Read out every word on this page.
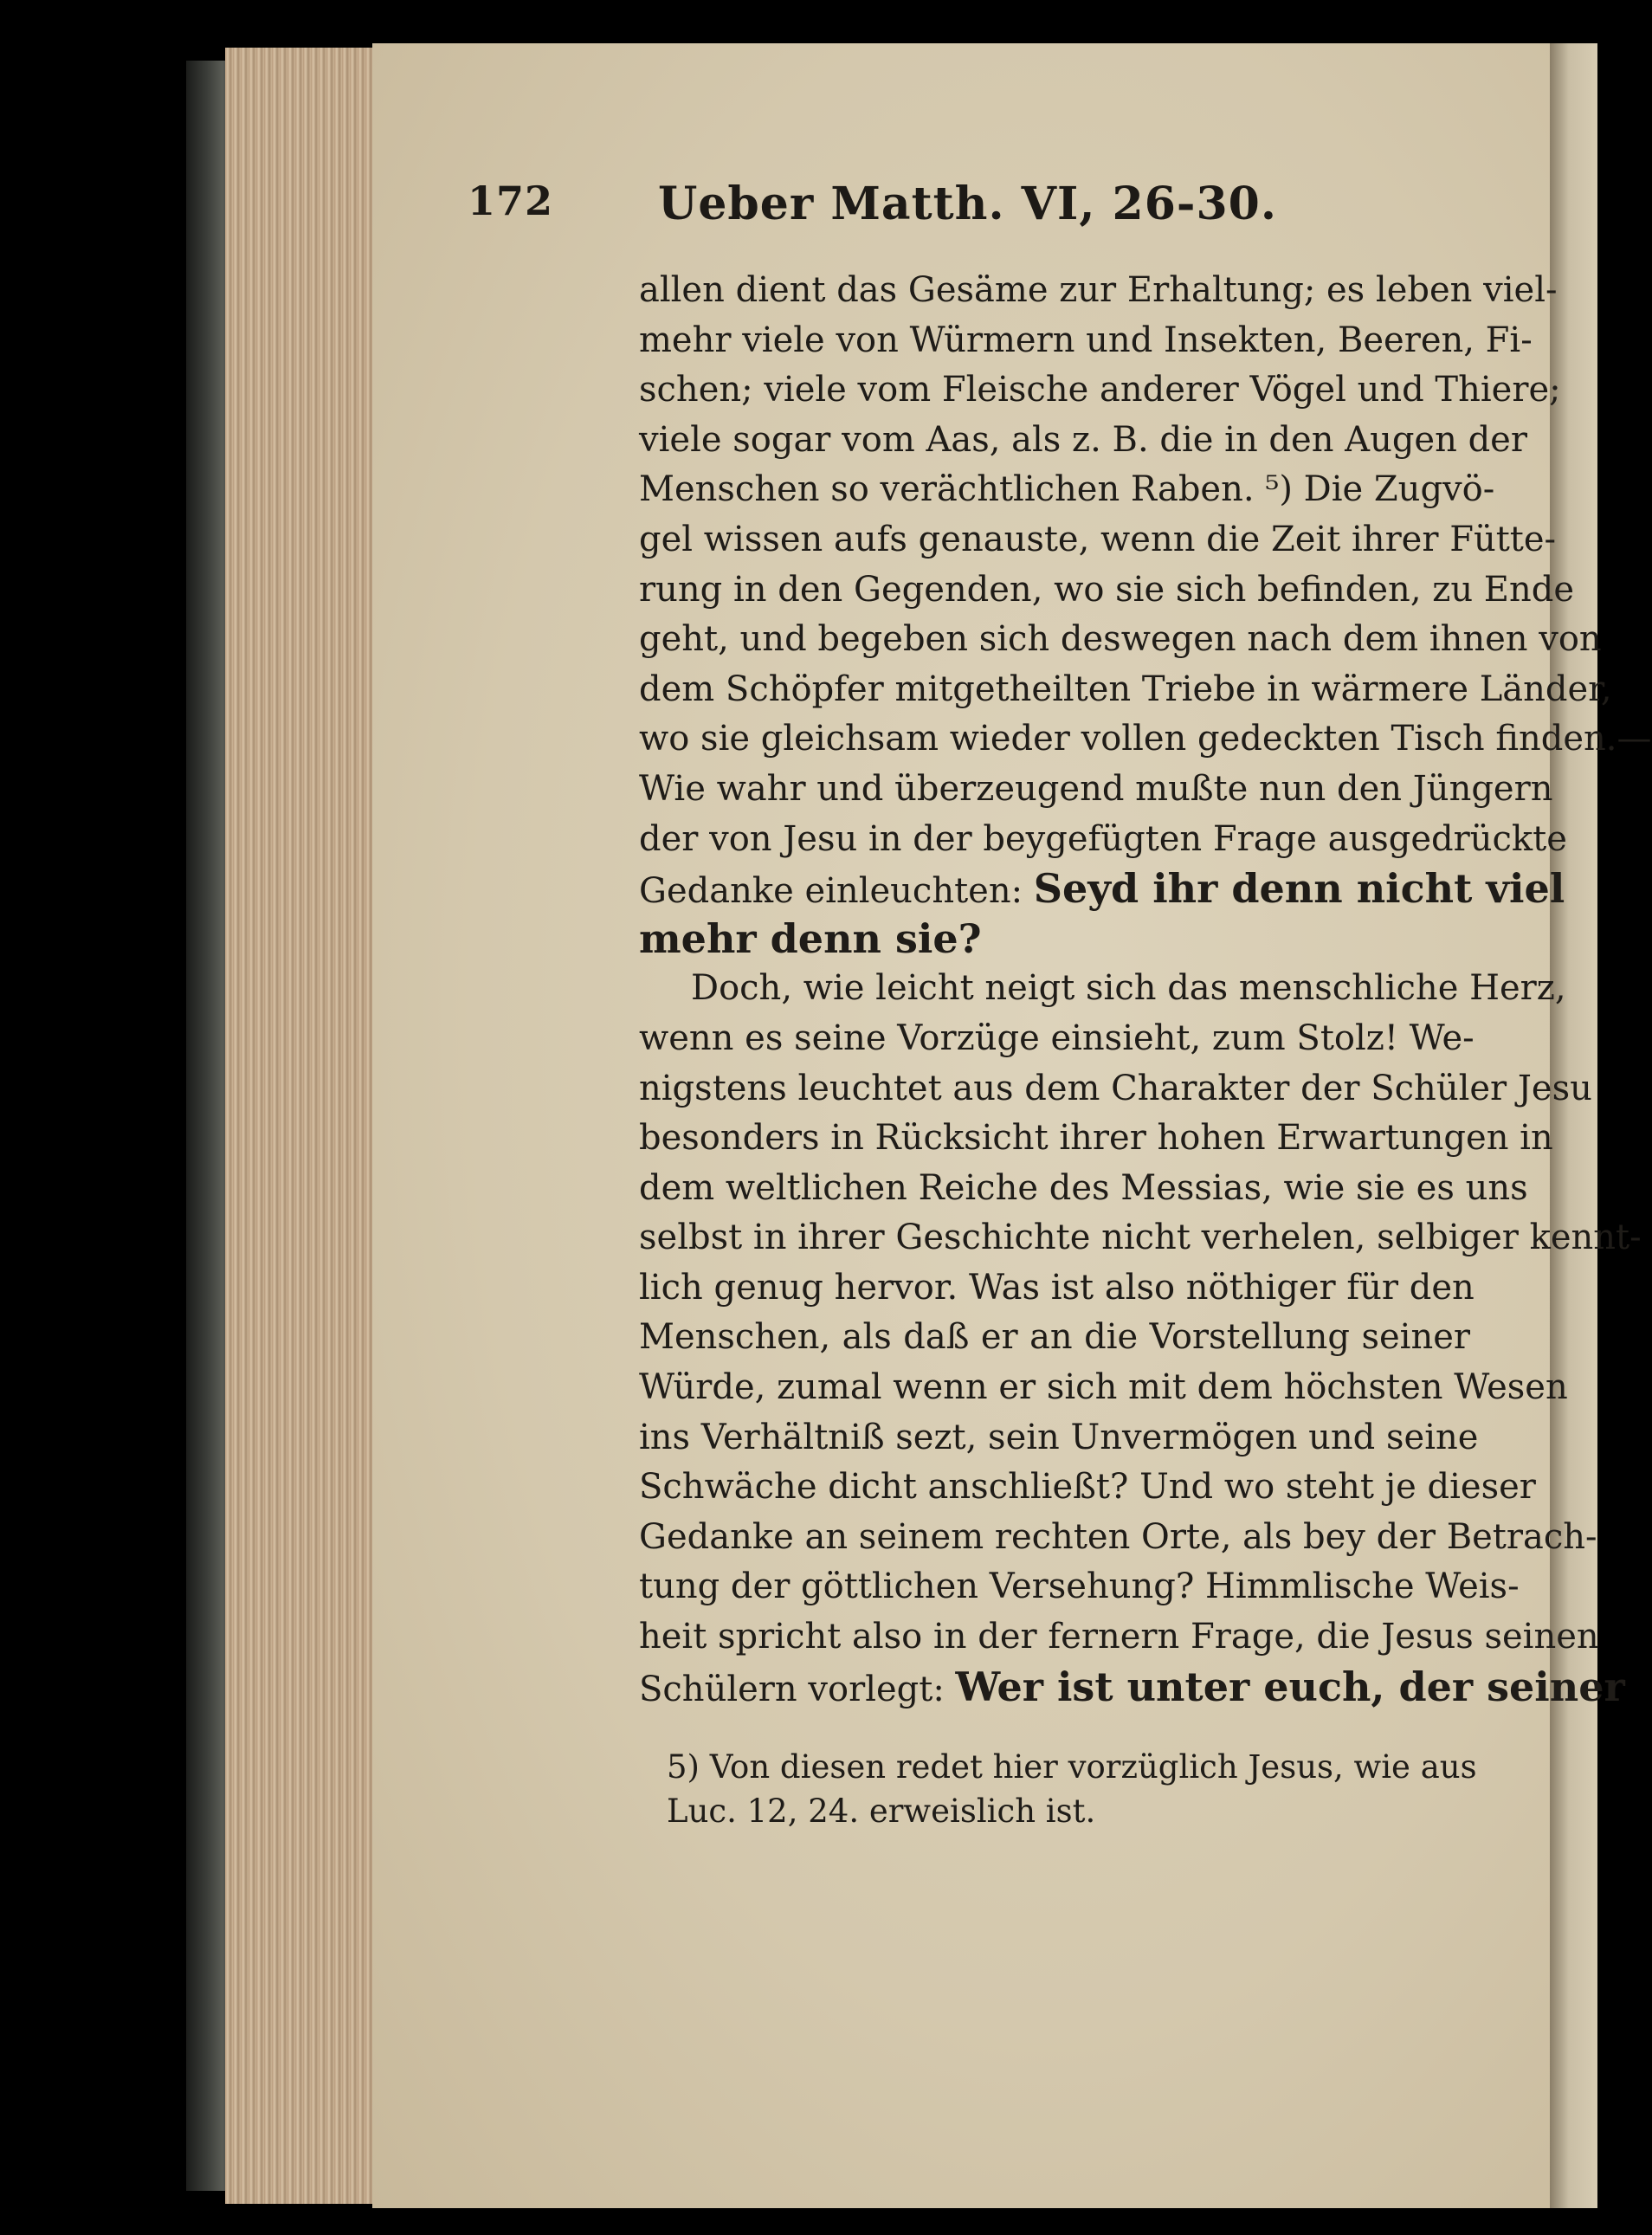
172 Ueber Matth. VI, 26-30.
allen dient das Gesäme zur Erhaltung; es leben viel-
mehr viele von Würmern und Insekten, Beeren, Fi-
schen; viele vom Fleische anderer Vögel und Thiere;
viele sogar vom Aas, als z. B. die in den Augen der
Menschen so verächtlichen Raben. ⁵) Die Zugvö-
gel wissen aufs genauste, wenn die Zeit ihrer Fütte-
rung in den Gegenden, wo sie sich befinden, zu Ende
geht, und begeben sich deswegen nach dem ihnen von
dem Schöpfer mitgetheilten Triebe in wärmere Länder,
wo sie gleichsam wieder vollen gedeckten Tisch finden.—
Wie wahr und überzeugend mußte nun den Jüngern
der von Jesu in der beygefügten Frage ausgedrückte
Gedanke einleuchten: Seyd ihr denn nicht viel
mehr denn sie?
Doch, wie leicht neigt sich das menschliche Herz,
wenn es seine Vorzüge einsieht, zum Stolz! We-
nigstens leuchtet aus dem Charakter der Schüler Jesu
besonders in Rücksicht ihrer hohen Erwartungen in
dem weltlichen Reiche des Messias, wie sie es uns
selbst in ihrer Geschichte nicht verhelen, selbiger kennt-
lich genug hervor. Was ist also nöthiger für den
Menschen, als daß er an die Vorstellung seiner
Würde, zumal wenn er sich mit dem höchsten Wesen
ins Verhältniß sezt, sein Unvermögen und seine
Schwäche dicht anschließt? Und wo steht je dieser
Gedanke an seinem rechten Orte, als bey der Betrach-
tung der göttlichen Versehung? Himmlische Weis-
heit spricht also in der fernern Frage, die Jesus seinen
Schülern vorlegt: Wer ist unter euch, der seiner
5) Von diesen redet hier vorzüglich Jesus, wie aus
Luc. 12, 24. erweislich ist.
